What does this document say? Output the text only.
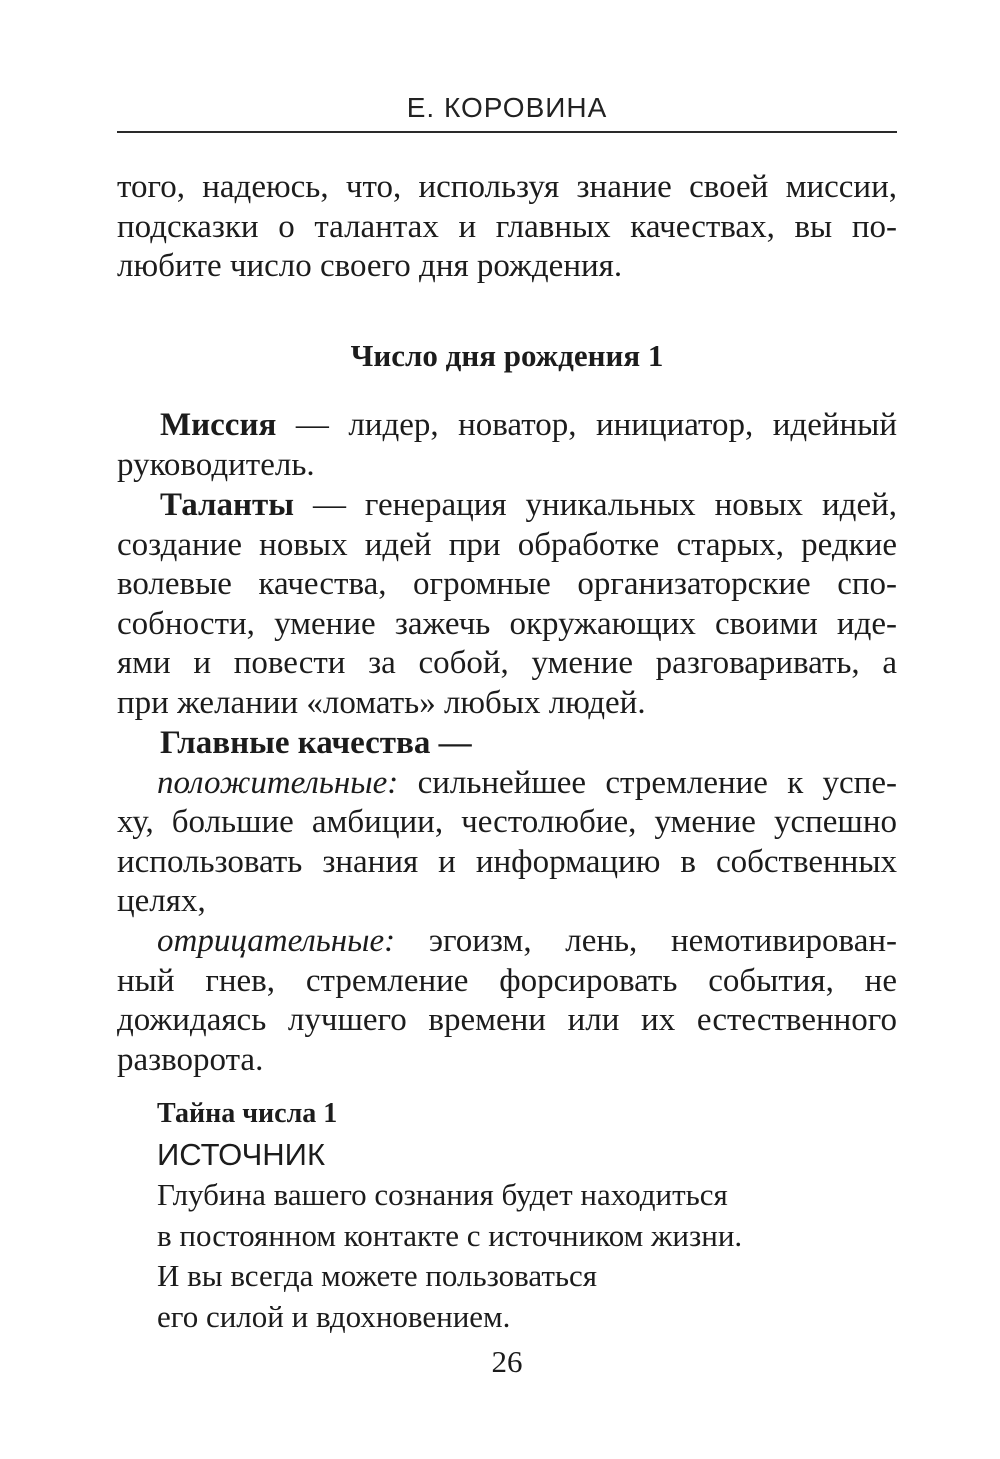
Е. КОРОВИНА
того, надеюсь, что, используя знание своей миссии,
подсказки о талантах и главных качествах, вы по-
любите число своего дня рождения.
Число дня рождения 1
Миссия — лидер, новатор, инициатор, идейный
руководитель.
Таланты — генерация уникальных новых идей,
создание новых идей при обработке старых, редкие
волевые качества, огромные организаторские спо-
собности, умение зажечь окружающих своими иде-
ями и повести за собой, умение разговаривать, а
при желании «ломать» любых людей.
Главные качества —
положительные: сильнейшее стремление к успе-
ху, большие амбиции, честолюбие, умение успешно
использовать знания и информацию в собственных
целях,
отрицательные: эгоизм, лень, немотивирован-
ный гнев, стремление форсировать события, не
дожидаясь лучшего времени или их естественного
разворота.
Тайна числа 1
ИСТОЧНИК
Глубина вашего сознания будет находиться
в постоянном контакте с источником жизни.
И вы всегда можете пользоваться
его силой и вдохновением.
26
